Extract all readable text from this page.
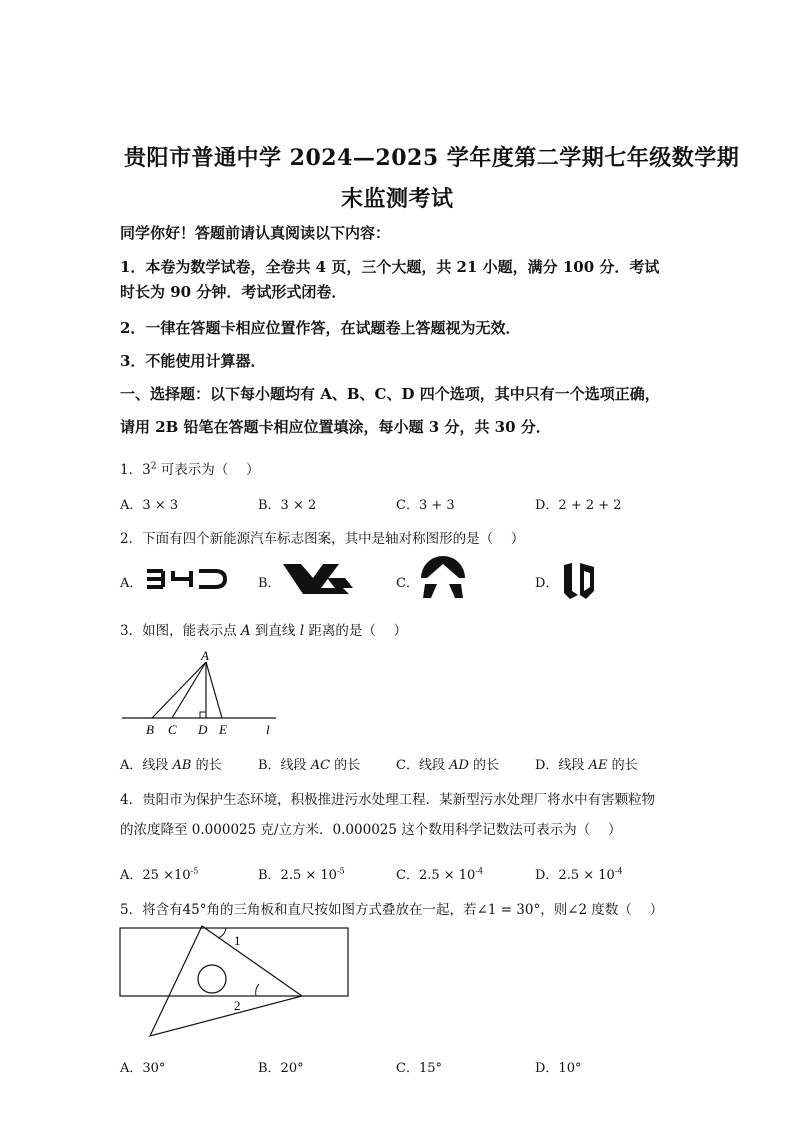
贵阳市普通中学 2024—2025 学年度第二学期七年级数学期
末监测考试
同学你好！答题前请认真阅读以下内容：
1．本卷为数学试卷，全卷共 4 页，三个大题，共 21 小题，满分 100 分．考试
时长为 90 分钟．考试形式闭卷．
2．一律在答题卡相应位置作答，在试题卷上答题视为无效．
3．不能使用计算器．
一、选择题：以下每小题均有 A、B、C、D 四个选项，其中只有一个选项正确，
请用 2B 铅笔在答题卡相应位置填涂，每小题 3 分，共 30 分．
1．$3^2$ 可表示为（　 ）
A．3 × 3	B．3 × 2	C．3 + 3	D．2 + 2 + 2
2．下面有四个新能源汽车标志图案，其中是轴对称图形的是（　 ）
A．	B．	C．	D．
3．如图，能表示点 A 到直线 l 距离的是（　 ）
A
B C D E	l
A．线段 AB 的长	B．线段 AC 的长	C．线段 AD 的长	D．线段 AE 的长
4．贵阳市为保护生态环境，积极推进污水处理工程．某新型污水处理厂将水中有害颗粒物
的浓度降至 0.000025 克/立方米．0.000025 这个数用科学记数法可表示为（　 ）
A．$25 \times 10^{-5}$	B．$2.5 \times 10^{-5}$	C．$2.5 \times 10^{-4}$	D．$2.5 \times 10^{-4}$
5．将含有45°角的三角板和直尺按如图方式叠放在一起，若∠1 = 30°，则∠2 度数（　 ）
1
2
A．30°	B．20°	C．15°	D．10°
